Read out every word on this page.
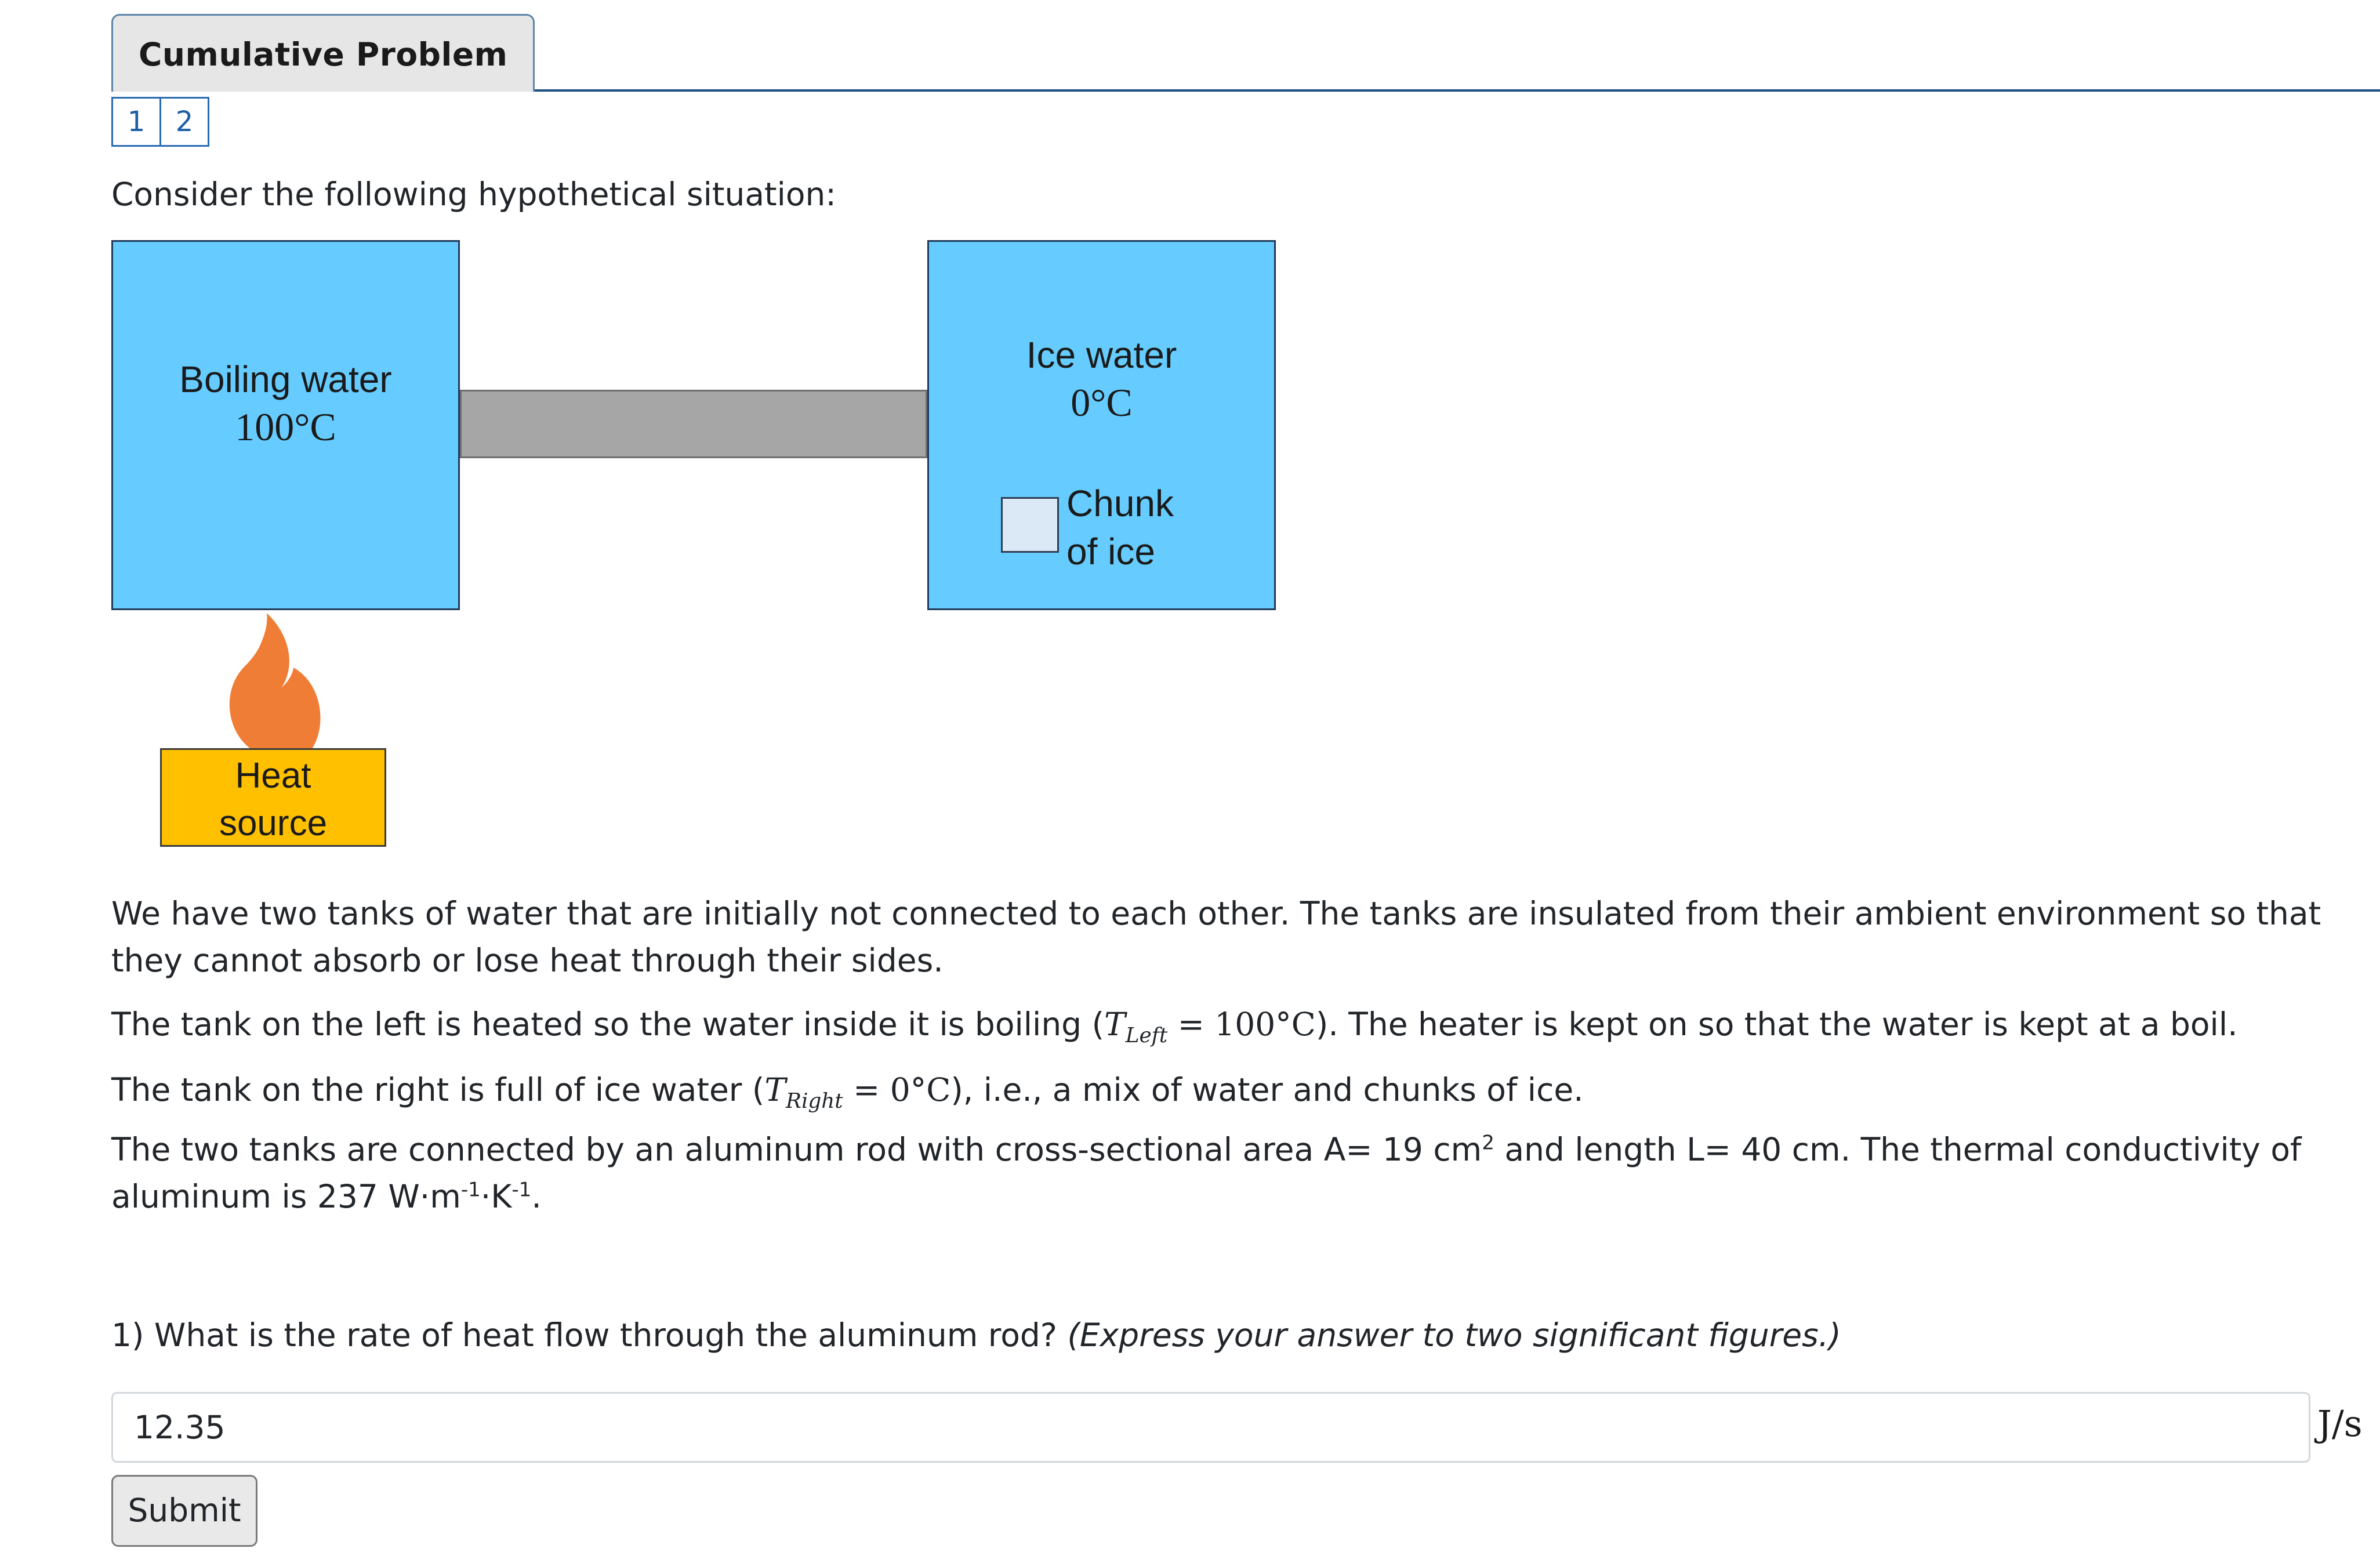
Cumulative Problem
1	2
Consider the following hypothetical situation:
Boiling water
100°C
Ice water
0°C
Chunk
of ice
Heat
source
We have two tanks of water that are initially not connected to each other. The tanks are insulated from their ambient environment so that they cannot absorb or lose heat through their sides.
The tank on the left is heated so the water inside it is boiling $(T_{Left} = 100^\circ C)$. The heater is kept on so that the water is kept at a boil.
The tank on the right is full of ice water $(T_{Right} = 0^\circ C)$, i.e., a mix of water and chunks of ice.
The two tanks are connected by an aluminum rod with cross-sectional area A= 19 $cm^2$ and length L= 40 cm. The thermal conductivity of aluminum is 237 $W\cdot m^{-1}\cdot K^{-1}$.
1) What is the rate of heat flow through the aluminum rod? (Express your answer to two significant figures.)
12.35
J/s
Submit
